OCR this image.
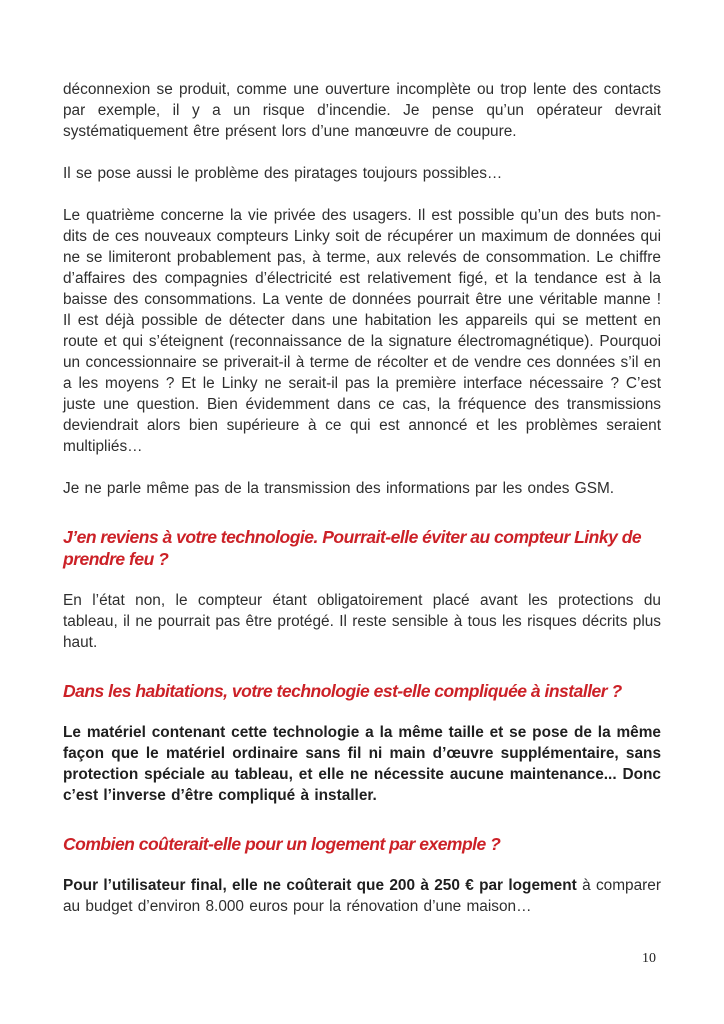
déconnexion se produit, comme une ouverture incomplète ou trop lente des contacts par exemple, il y a un risque d’incendie. Je pense qu’un opérateur devrait systématiquement être présent lors d’une manœuvre de coupure.

Il se pose aussi le problème des piratages toujours possibles…

Le quatrième concerne la vie privée des usagers. Il est possible qu’un des buts non-dits de ces nouveaux compteurs Linky soit de récupérer un maximum de données qui ne se limiteront probablement pas, à terme, aux relevés de consommation. Le chiffre d’affaires des compagnies d’électricité est relativement figé, et la tendance est à la baisse des consommations. La vente de données pourrait être une véritable manne ! Il est déjà possible de détecter dans une habitation les appareils qui se mettent en route et qui s’éteignent (reconnaissance de la signature électromagnétique). Pourquoi un concessionnaire se priverait-il à terme de récolter et de vendre ces données s’il en a les moyens ? Et le Linky ne serait-il pas la première interface nécessaire ? C’est juste une question. Bien évidemment dans ce cas, la fréquence des transmissions deviendrait alors bien supérieure à ce qui est annoncé et les problèmes seraient multipliés…

Je ne parle même pas de la transmission des informations par les ondes GSM.

J’en reviens à votre technologie. Pourrait-elle éviter au compteur Linky de prendre feu ?

En l’état non, le compteur étant obligatoirement placé avant les protections du tableau, il ne pourrait pas être protégé. Il reste sensible à tous les risques décrits plus haut.

Dans les habitations, votre technologie est-elle compliquée à installer ?

Le matériel contenant cette technologie a la même taille et se pose de la même façon que le matériel ordinaire sans fil ni main d’œuvre supplémentaire, sans protection spéciale au tableau, et elle ne nécessite aucune maintenance... Donc c’est l’inverse d’être compliqué à installer.

Combien coûterait-elle pour un logement par exemple ?

Pour l’utilisateur final, elle ne coûterait que 200 à 250 € par logement à comparer au budget d’environ 8.000 euros pour la rénovation d’une maison…

10
